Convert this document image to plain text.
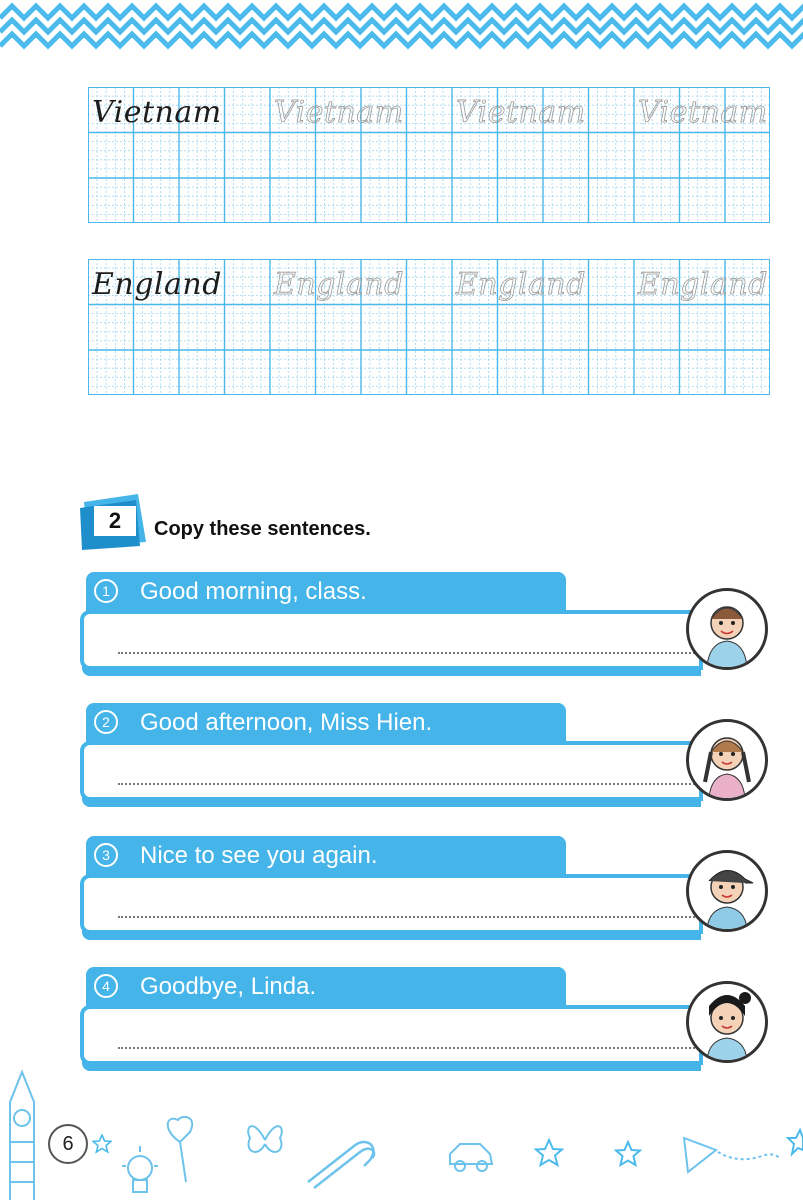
Vietnam Vietnam Vietnam Vietnam
England England England England
2	Copy these sentences.
1	Good morning, class.
2	Good afternoon, Miss Hien.
3	Nice to see you again.
4	Goodbye, Linda.
6
